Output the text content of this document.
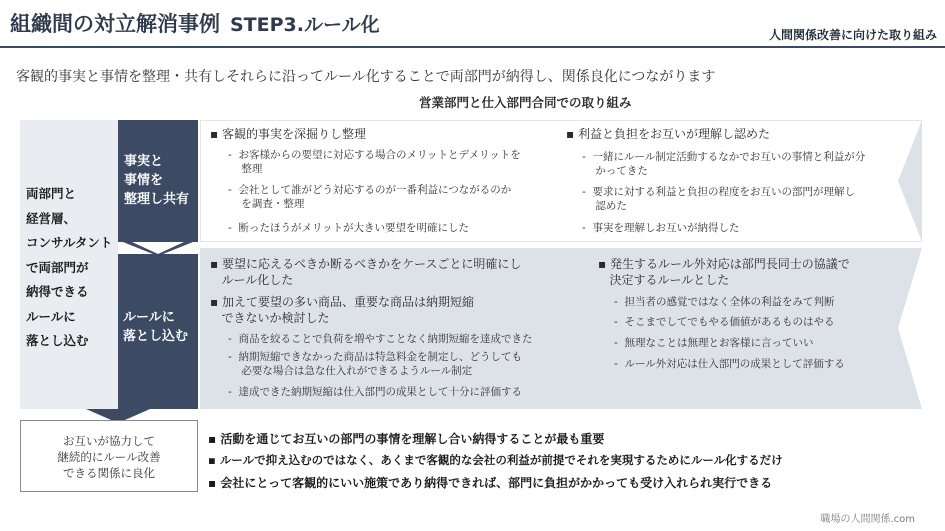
組織間の対立解消事例 STEP3.ルール化	人間関係改善に向けた取り組み
客観的事実と事情を整理・共有しそれらに沿ってルール化することで両部門が納得し、関係良化につながります
営業部門と仕入部門合同での取り組み
両部門と
経営層、
コンサルタント
で両部門が
納得できる
ルールに
落とし込む
事実と
事情を
整理し共有
ルールに
落とし込む
▪ 客観的事実を深掘りし整理
-  お客様からの要望に対応する場合のメリットとデメリットを
整理
-  会社として誰がどう対応するのが一番利益につながるのか
を調査・整理
-  断ったほうがメリットが大きい要望を明確にした
▪ 利益と負担をお互いが理解し認めた
-  一緒にルール制定活動するなかでお互いの事情と利益が分
かってきた
-  要求に対する利益と負担の程度をお互いの部門が理解し
認めた
-  事実を理解しお互いが納得した
▪ 要望に応えるべきか断るべきかをケースごとに明確にし
ルール化した
▪ 加えて要望の多い商品、重要な商品は納期短縮
できないか検討した
-  商品を絞ることで負荷を増やすことなく納期短縮を達成できた
-  納期短縮できなかった商品は特急料金を制定し、どうしても
必要な場合は急な仕入れができるようルール制定
-  達成できた納期短縮は仕入部門の成果として十分に評価する
▪ 発生するルール外対応は部門長同士の協議で
決定するルールとした
-  担当者の感覚ではなく全体の利益をみて判断
-  そこまでしてでもやる価値があるものはやる
-  無理なことは無理とお客様に言っていい
-  ルール外対応は仕入部門の成果として評価する
お互いが協力して
継続的にルール改善
できる関係に良化
▪ 活動を通じてお互いの部門の事情を理解し合い納得することが最も重要
▪ ルールで抑え込むのではなく、あくまで客観的な会社の利益が前提でそれを実現するためにルール化するだけ
▪ 会社にとって客観的にいい施策であり納得できれば、部門に負担がかかっても受け入れられ実行できる
職場の人間関係.com
